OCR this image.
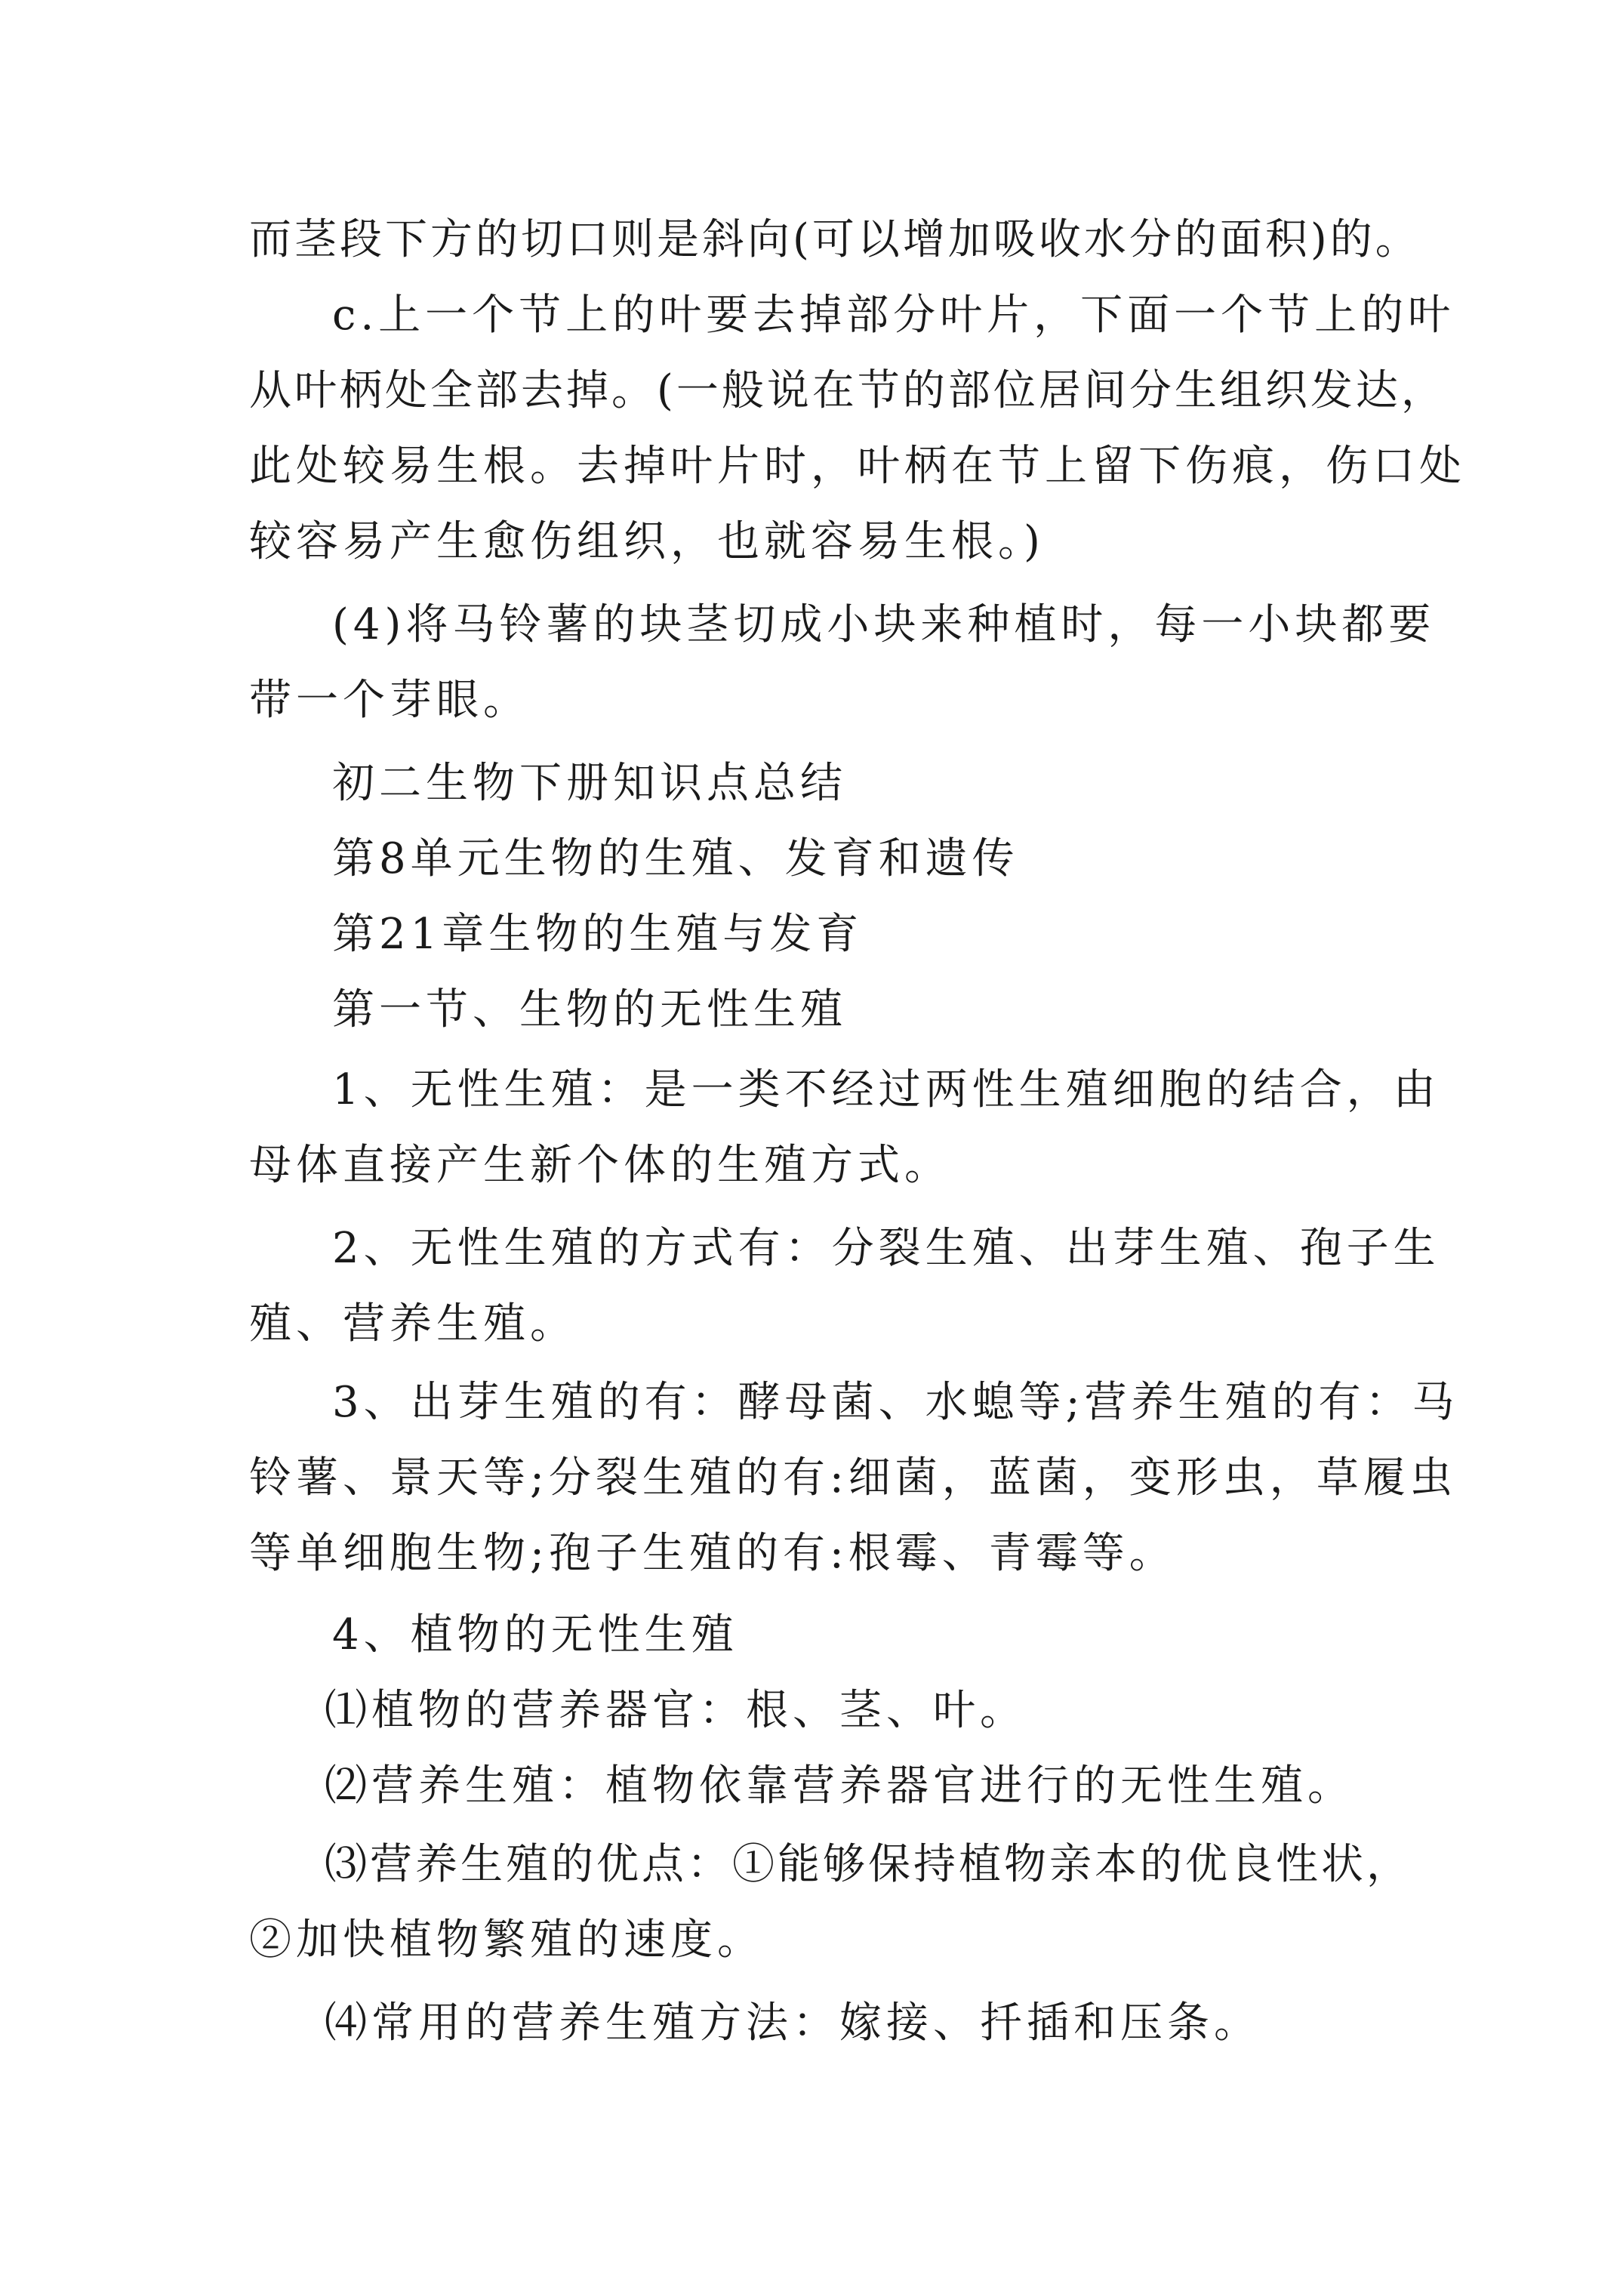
而茎段下方的切口则是斜向(可以增加吸收水分的面积)的。
c.上一个节上的叶要去掉部分叶片，下面一个节上的叶
从叶柄处全部去掉。(一般说在节的部位居间分生组织发达，
此处较易生根。去掉叶片时，叶柄在节上留下伤痕，伤口处
较容易产生愈伤组织，也就容易生根。)
(4)将马铃薯的块茎切成小块来种植时，每一小块都要
带一个芽眼。
初二生物下册知识点总结
第8单元生物的生殖、发育和遗传
第21章生物的生殖与发育
第一节、生物的无性生殖
1、无性生殖：是一类不经过两性生殖细胞的结合，由
母体直接产生新个体的生殖方式。
2、无性生殖的方式有：分裂生殖、出芽生殖、孢子生
殖、营养生殖。
3、出芽生殖的有：酵母菌、水螅等;营养生殖的有：马
铃薯、景天等;分裂生殖的有:细菌，蓝菌，变形虫，草履虫
等单细胞生物;孢子生殖的有:根霉、青霉等。
4、植物的无性生殖
⑴植物的营养器官：根、茎、叶。
⑵营养生殖：植物依靠营养器官进行的无性生殖。
⑶营养生殖的优点：①能够保持植物亲本的优良性状，
②加快植物繁殖的速度。
⑷常用的营养生殖方法：嫁接、扦插和压条。
